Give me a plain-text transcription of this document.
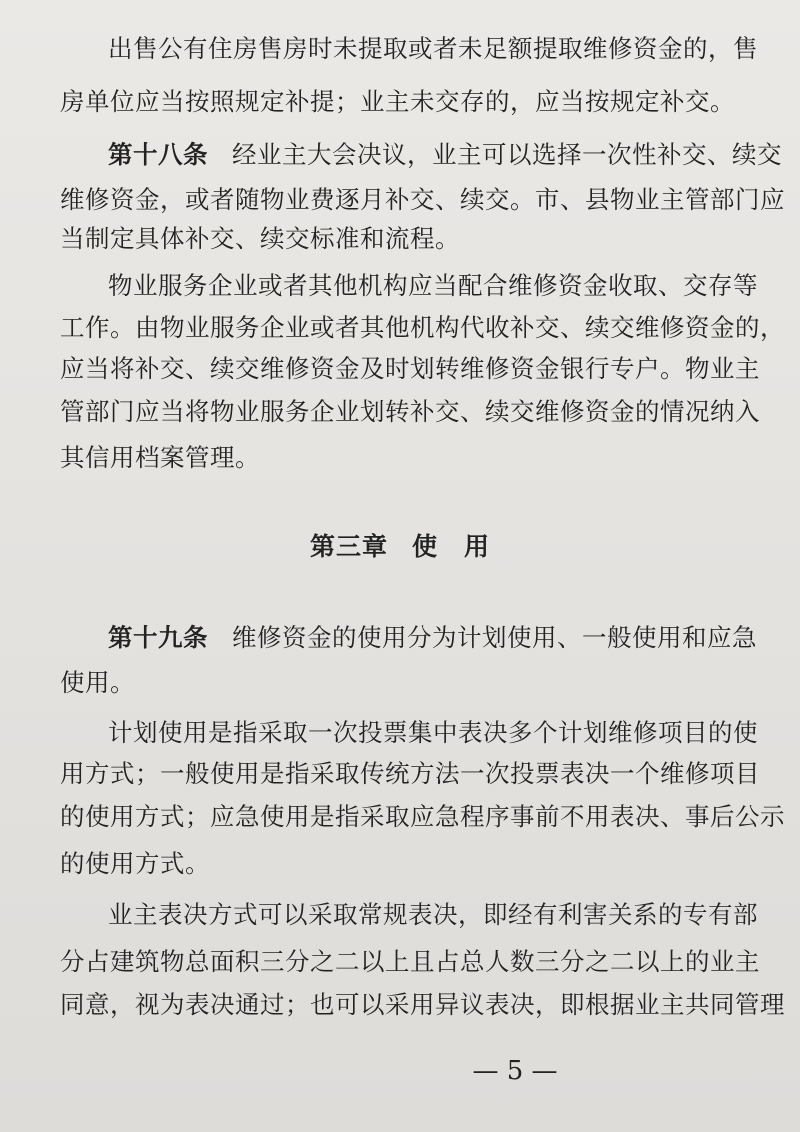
出售公有住房售房时未提取或者未足额提取维修资金的，售
房单位应当按照规定补提；业主未交存的，应当按规定补交。
第十八条 经业主大会决议，业主可以选择一次性补交、续交
维修资金，或者随物业费逐月补交、续交。市、县物业主管部门应
当制定具体补交、续交标准和流程。
物业服务企业或者其他机构应当配合维修资金收取、交存等
工作。由物业服务企业或者其他机构代收补交、续交维修资金的，
应当将补交、续交维修资金及时划转维修资金银行专户。物业主
管部门应当将物业服务企业划转补交、续交维修资金的情况纳入
其信用档案管理。
第三章 使　用
第十九条 维修资金的使用分为计划使用、一般使用和应急
使用。
计划使用是指采取一次投票集中表决多个计划维修项目的使
用方式；一般使用是指采取传统方法一次投票表决一个维修项目
的使用方式；应急使用是指采取应急程序事前不用表决、事后公示
的使用方式。
业主表决方式可以采取常规表决，即经有利害关系的专有部
分占建筑物总面积三分之二以上且占总人数三分之二以上的业主
同意，视为表决通过；也可以采用异议表决，即根据业主共同管理
— 5 —
